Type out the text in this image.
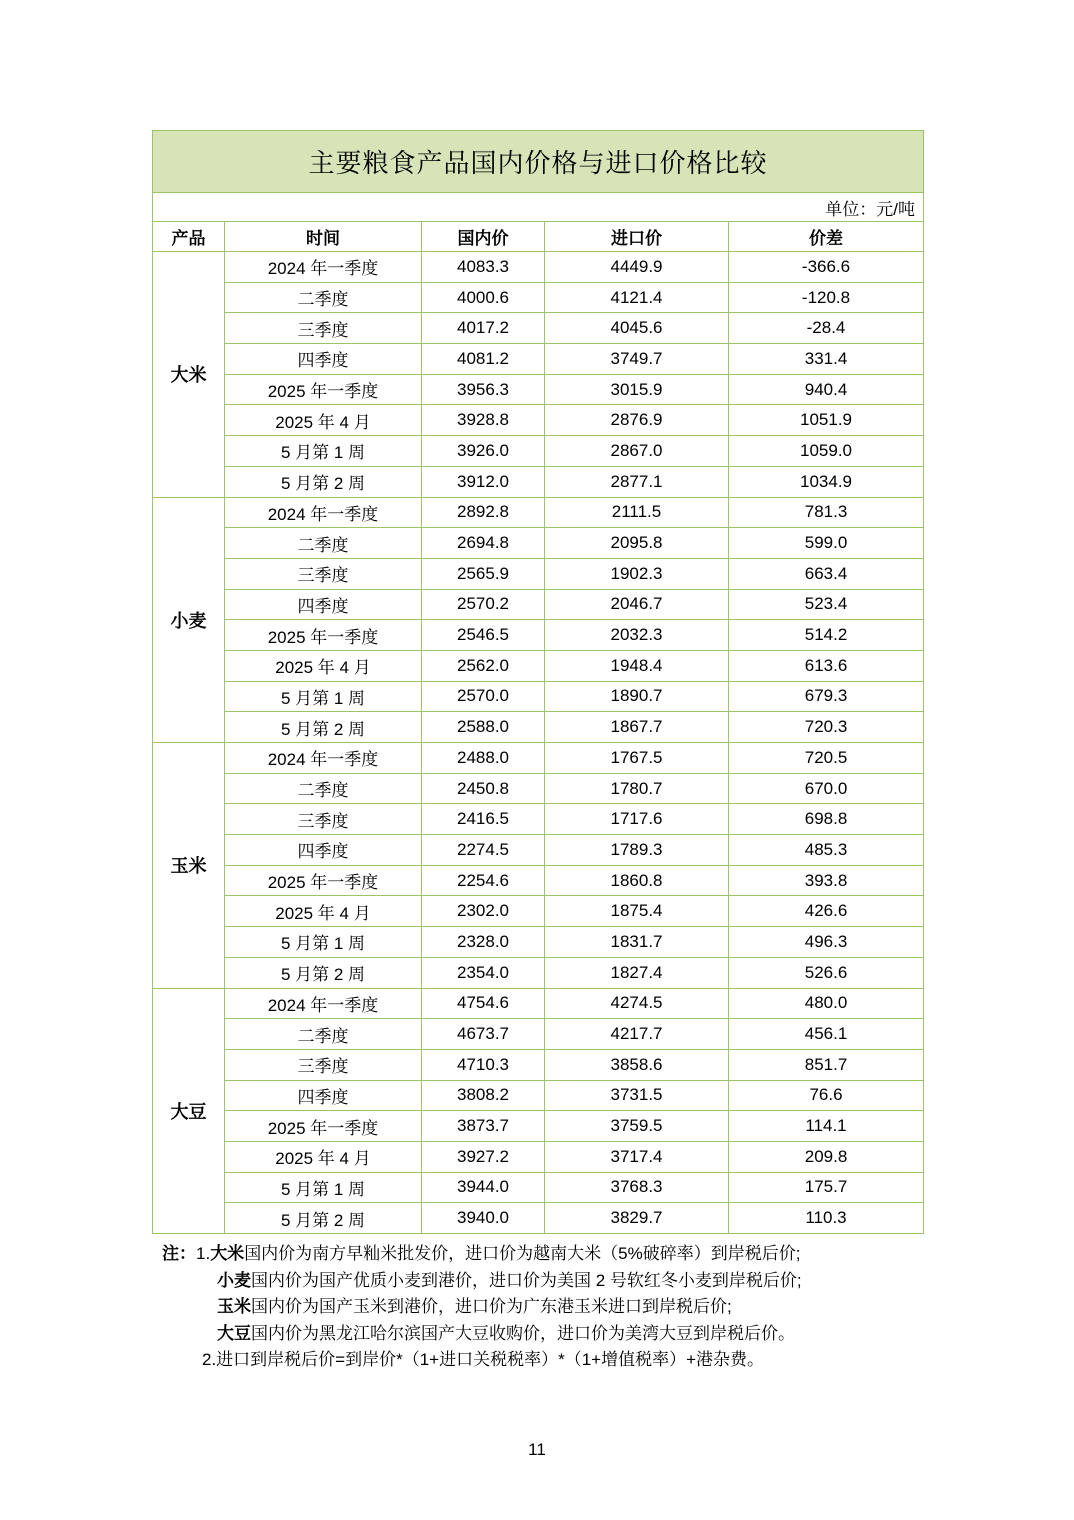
主要粮食产品国内价格与进口价格比较				
单位：元/吨				
产品	时间	国内价	进口价	价差
大米	2024 年一季度	4083.3	4449.9	-366.6
	二季度	4000.6	4121.4	-120.8
	三季度	4017.2	4045.6	-28.4
	四季度	4081.2	3749.7	331.4
	2025 年一季度	3956.3	3015.9	940.4
	2025 年 4 月	3928.8	2876.9	1051.9
	5 月第 1 周	3926.0	2867.0	1059.0
	5 月第 2 周	3912.0	2877.1	1034.9
小麦	2024 年一季度	2892.8	2111.5	781.3
	二季度	2694.8	2095.8	599.0
	三季度	2565.9	1902.3	663.4
	四季度	2570.2	2046.7	523.4
	2025 年一季度	2546.5	2032.3	514.2
	2025 年 4 月	2562.0	1948.4	613.6
	5 月第 1 周	2570.0	1890.7	679.3
	5 月第 2 周	2588.0	1867.7	720.3
玉米	2024 年一季度	2488.0	1767.5	720.5
	二季度	2450.8	1780.7	670.0
	三季度	2416.5	1717.6	698.8
	四季度	2274.5	1789.3	485.3
	2025 年一季度	2254.6	1860.8	393.8
	2025 年 4 月	2302.0	1875.4	426.6
	5 月第 1 周	2328.0	1831.7	496.3
	5 月第 2 周	2354.0	1827.4	526.6
大豆	2024 年一季度	4754.6	4274.5	480.0
	二季度	4673.7	4217.7	456.1
	三季度	4710.3	3858.6	851.7
	四季度	3808.2	3731.5	76.6
	2025 年一季度	3873.7	3759.5	114.1
	2025 年 4 月	3927.2	3717.4	209.8
	5 月第 1 周	3944.0	3768.3	175.7
	5 月第 2 周	3940.0	3829.7	110.3
注：1.大米国内价为南方早籼米批发价，进口价为越南大米（5%破碎率）到岸税后价;
小麦国内价为国产优质小麦到港价，进口价为美国 2 号软红冬小麦到岸税后价;
玉米国内价为国产玉米到港价，进口价为广东港玉米进口到岸税后价;
大豆国内价为黑龙江哈尔滨国产大豆收购价，进口价为美湾大豆到岸税后价。
2.进口到岸税后价=到岸价*（1+进口关税税率）*（1+增值税率）+港杂费。
11
